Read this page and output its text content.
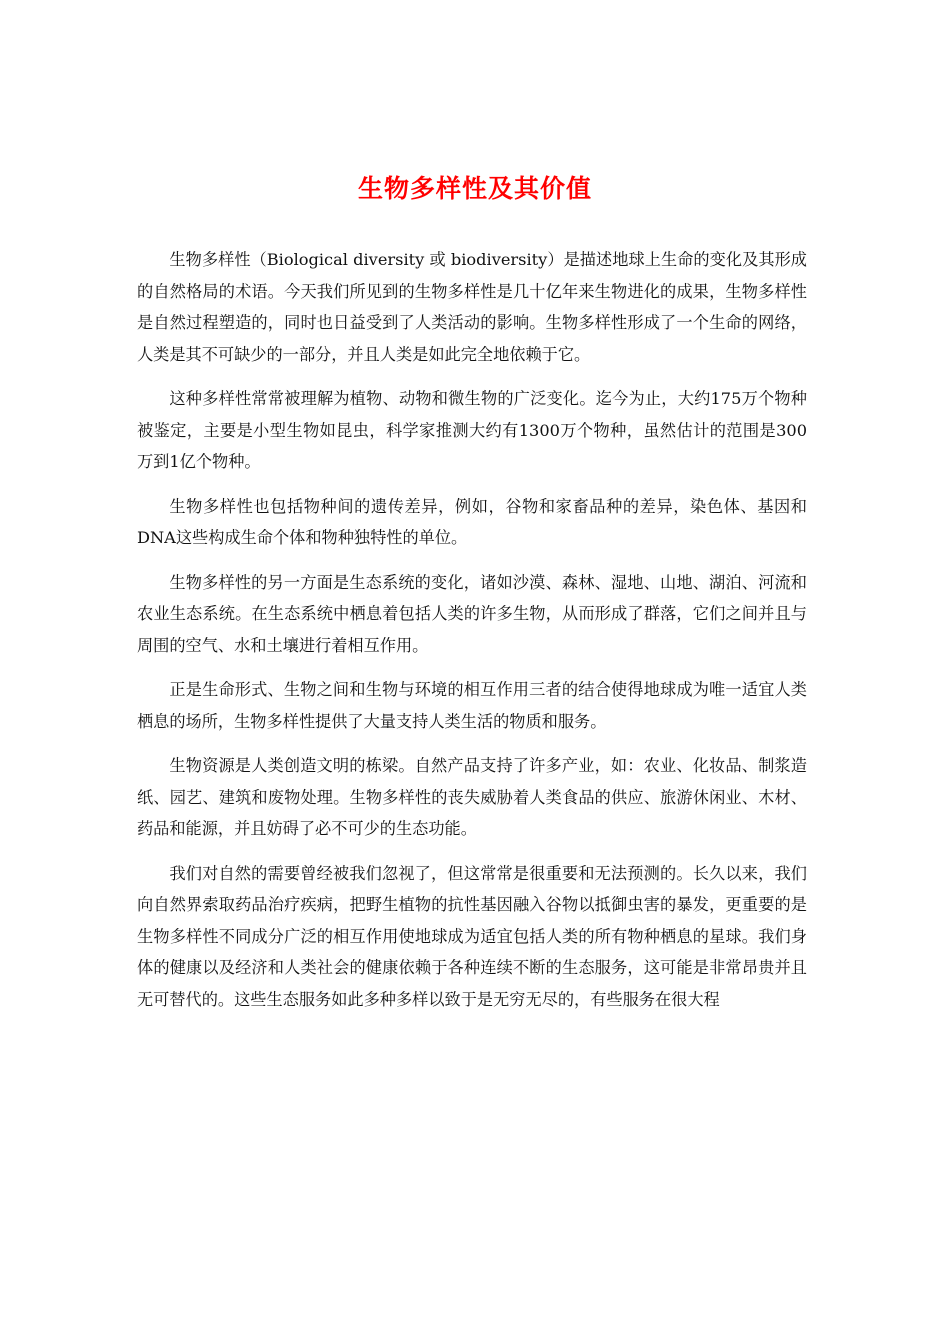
生物多样性及其价值

生物多样性（Biological diversity 或 biodiversity）是描述地球上生命的变化及其形成的自然格局的术语。今天我们所见到的生物多样性是几十亿年来生物进化的成果，生物多样性是自然过程塑造的，同时也日益受到了人类活动的影响。生物多样性形成了一个生命的网络，人类是其不可缺少的一部分，并且人类是如此完全地依赖于它。

这种多样性常常被理解为植物、动物和微生物的广泛变化。迄今为止，大约175万个物种被鉴定，主要是小型生物如昆虫，科学家推测大约有1300万个物种，虽然估计的范围是300万到1亿个物种。

生物多样性也包括物种间的遗传差异，例如，谷物和家畜品种的差异，染色体、基因和DNA这些构成生命个体和物种独特性的单位。

生物多样性的另一方面是生态系统的变化，诸如沙漠、森林、湿地、山地、湖泊、河流和农业生态系统。在生态系统中栖息着包括人类的许多生物，从而形成了群落，它们之间并且与周围的空气、水和土壤进行着相互作用。

正是生命形式、生物之间和生物与环境的相互作用三者的结合使得地球成为唯一适宜人类栖息的场所，生物多样性提供了大量支持人类生活的物质和服务。

生物资源是人类创造文明的栋梁。自然产品支持了许多产业，如：农业、化妆品、制浆造纸、园艺、建筑和废物处理。生物多样性的丧失威胁着人类食品的供应、旅游休闲业、木材、药品和能源，并且妨碍了必不可少的生态功能。

我们对自然的需要曾经被我们忽视了，但这常常是很重要和无法预测的。长久以来，我们向自然界索取药品治疗疾病，把野生植物的抗性基因融入谷物以抵御虫害的暴发，更重要的是生物多样性不同成分广泛的相互作用使地球成为适宜包括人类的所有物种栖息的星球。我们身体的健康以及经济和人类社会的健康依赖于各种连续不断的生态服务，这可能是非常昂贵并且无可替代的。这些生态服务如此多种多样以致于是无穷无尽的，有些服务在很大程
